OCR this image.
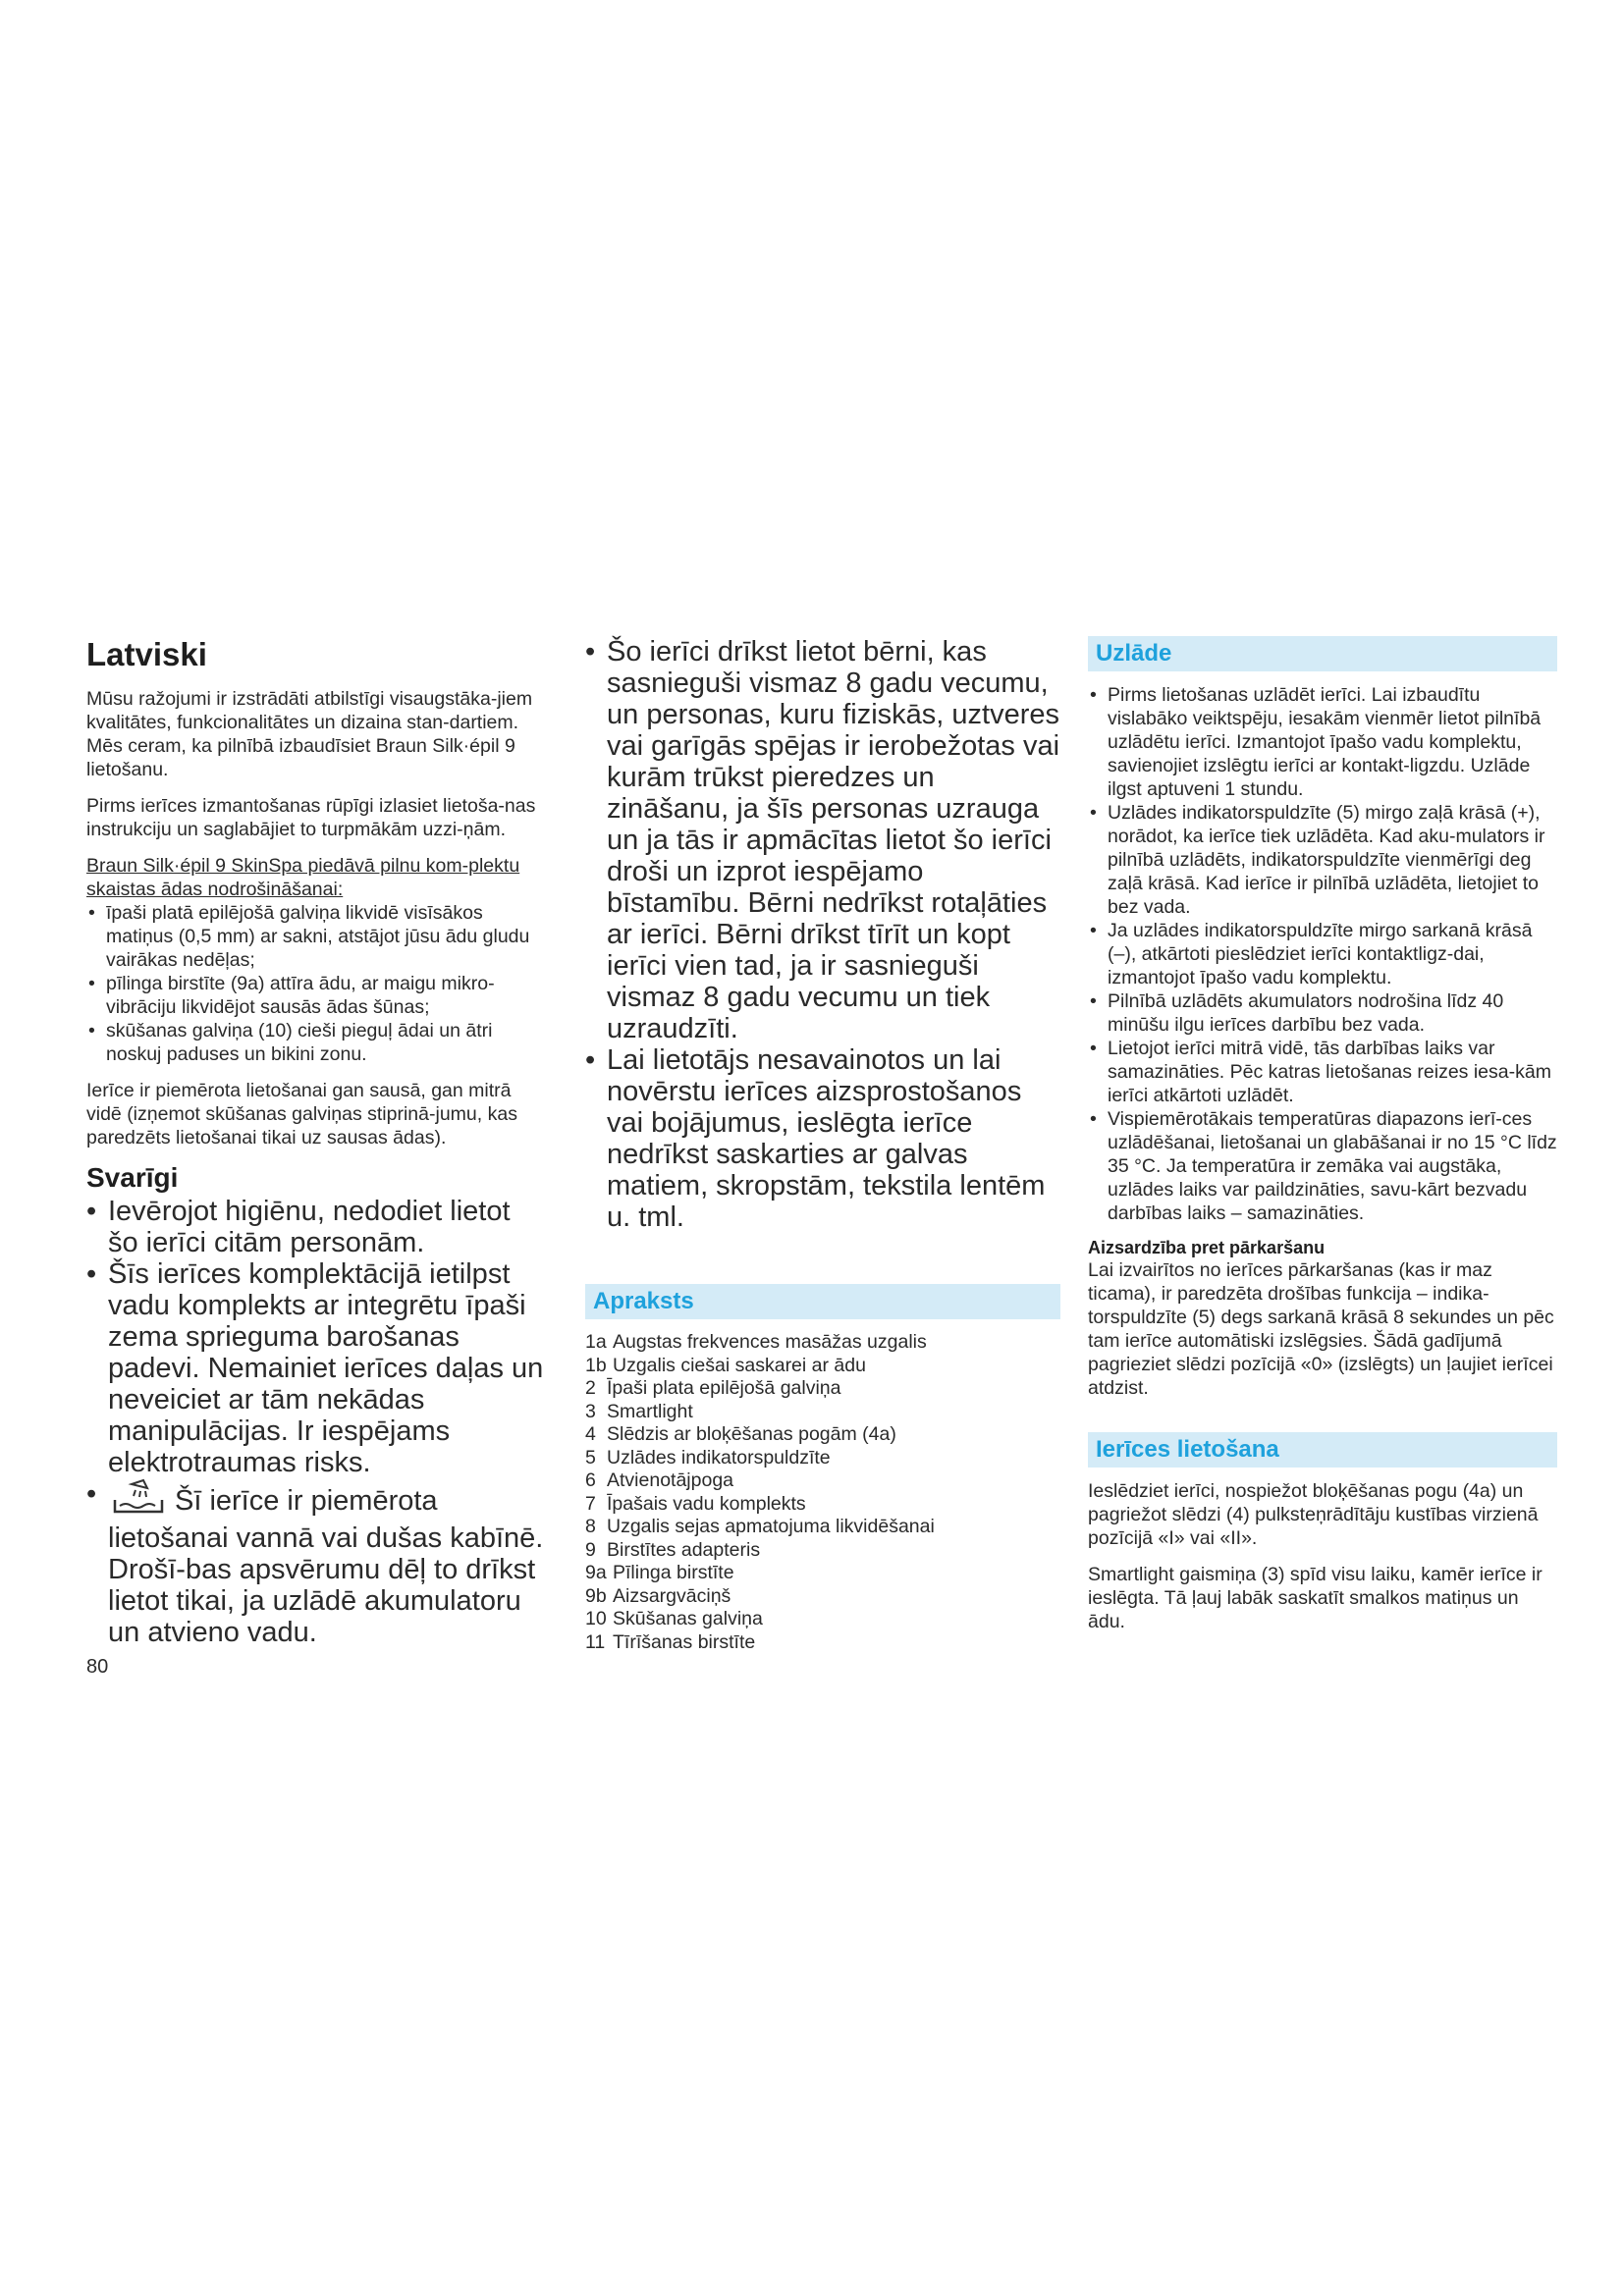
Latviski

Mūsu ražojumi ir izstrādāti atbilstīgi visaugstāka-jiem kvalitātes, funkcionalitātes un dizaina stan-dartiem. Mēs ceram, ka pilnībā izbaudīsiet Braun Silk·épil 9 lietošanu.

Pirms ierīces izmantošanas rūpīgi izlasiet lietoša-nas instrukciju un saglabājiet to turpmākām uzzi-ņām.

Braun Silk·épil 9 SkinSpa piedāvā pilnu kom-plektu skaistas ādas nodrošināšanai:

• īpaši platā epilējošā galviņa likvidē visīsākos matiņus (0,5 mm) ar sakni, atstājot jūsu ādu gludu vairākas nedēļas;
• pīlinga birstīte (9a) attīra ādu, ar maigu mikro-vibrāciju likvidējot sausās ādas šūnas;
• skūšanas galviņa (10) cieši pieguļ ādai un ātri noskuj paduses un bikini zonu.

Ierīce ir piemērota lietošanai gan sausā, gan mitrā vidē (izņemot skūšanas galviņas stiprinā-jumu, kas paredzēts lietošanai tikai uz sausas ādas).

Svarīgi
• Ievērojot higiēnu, nedodiet lietot šo ierīci citām personām.
• Šīs ierīces komplektācijā ietilpst vadu komplekts ar integrētu īpaši zema sprieguma barošanas padevi. Nemainiet ierīces daļas un neveiciet ar tām nekādas manipulācijas. Ir iespējams elektrotraumas risks.
• Šī ierīce ir piemērota lietošanai vannā vai dušas kabīnē. Drošī-bas apsvērumu dēļ to drīkst lietot tikai, ja uzlādē akumulatoru un atvieno vadu.
80
• Šo ierīci drīkst lietot bērni, kas sasnieguši vismaz 8 gadu vecumu, un personas, kuru fiziskās, uztveres vai garīgās spējas ir ierobežotas vai kurām trūkst pieredzes un zināšanu, ja šīs personas uzrauga un ja tās ir apmācītas lietot šo ierīci droši un izprot iespējamo bīstamību. Bērni nedrīkst rotaļāties ar ierīci. Bērni drīkst tīrīt un kopt ierīci vien tad, ja ir sasnieguši vismaz 8 gadu vecumu un tiek uzraudzīti.
• Lai lietotājs nesavainotos un lai novērstu ierīces aizsprostošanos vai bojājumus, ieslēgta ierīce nedrīkst saskarties ar galvas matiem, skropstām, tekstila lentēm u. tml.
Apraksts
1a Augstas frekvences masāžas uzgalis
1b Uzgalis ciešai saskarei ar ādu
2 Īpaši plata epilējošā galviņa
3 Smartlight
4 Slēdzis ar bloķēšanas pogām (4a)
5 Uzlādes indikatorspuldzīte
6 Atvienotājpoga
7 Īpašais vadu komplekts
8 Uzgalis sejas apmatojuma likvidēšanai
9 Birstītes adapteris
9a Pīlinga birstīte
9b Aizsargvāciņš
10 Skūšanas galviņa
11 Tīrīšanas birstīte
Uzlāde
• Pirms lietošanas uzlādēt ierīci. Lai izbaudītu vislabāko veiktspēju, iesakām vienmēr lietot pilnībā uzlādētu ierīci. Izmantojot īpašo vadu komplektu, savienojiet izslēgtu ierīci ar kontakt-ligzdu. Uzlāde ilgst aptuveni 1 stundu.
• Uzlādes indikatorspuldzīte (5) mirgo zaļā krāsā (+), norādot, ka ierīce tiek uzlādēta. Kad aku-mulators ir pilnībā uzlādēts, indikatorspuldzīte vienmērīgi deg zaļā krāsā. Kad ierīce ir pilnībā uzlādēta, lietojiet to bez vada.
• Ja uzlādes indikatorspuldzīte mirgo sarkanā krāsā (–), atkārtoti pieslēdziet ierīci kontaktligz-dai, izmantojot īpašo vadu komplektu.
• Pilnībā uzlādēts akumulators nodrošina līdz 40 minūšu ilgu ierīces darbību bez vada.
• Lietojot ierīci mitrā vidē, tās darbības laiks var samazināties. Pēc katras lietošanas reizes iesa-kām ierīci atkārtoti uzlādēt.
• Vispiemērotākais temperatūras diapazons ierī-ces uzlādēšanai, lietošanai un glabāšanai ir no 15 °C līdz 35 °C. Ja temperatūra ir zemāka vai augstāka, uzlādes laiks var paildzināties, savu-kārt bezvadu darbības laiks – samazināties.
Aizsardzība pret pārkaršanu

Lai izvairītos no ierīces pārkaršanas (kas ir maz ticama), ir paredzēta drošības funkcija – indika-torspuldzīte (5) degs sarkanā krāsā 8 sekundes un pēc tam ierīce automātiski izslēgsies. Šādā gadījumā pagrieziet slēdzi pozīcijā «0» (izslēgts) un ļaujiet ierīcei atdzist.

Ierīces lietošana

Ieslēdziet ierīci, nospiežot bloķēšanas pogu (4a) un pagriežot slēdzi (4) pulksteņrādītāju kustības virzienā pozīcijā «I» vai «II».

Smartlight gaismiņa (3) spīd visu laiku, kamēr ierīce ir ieslēgta. Tā ļauj labāk saskatīt smalkos matiņus un ādu.
